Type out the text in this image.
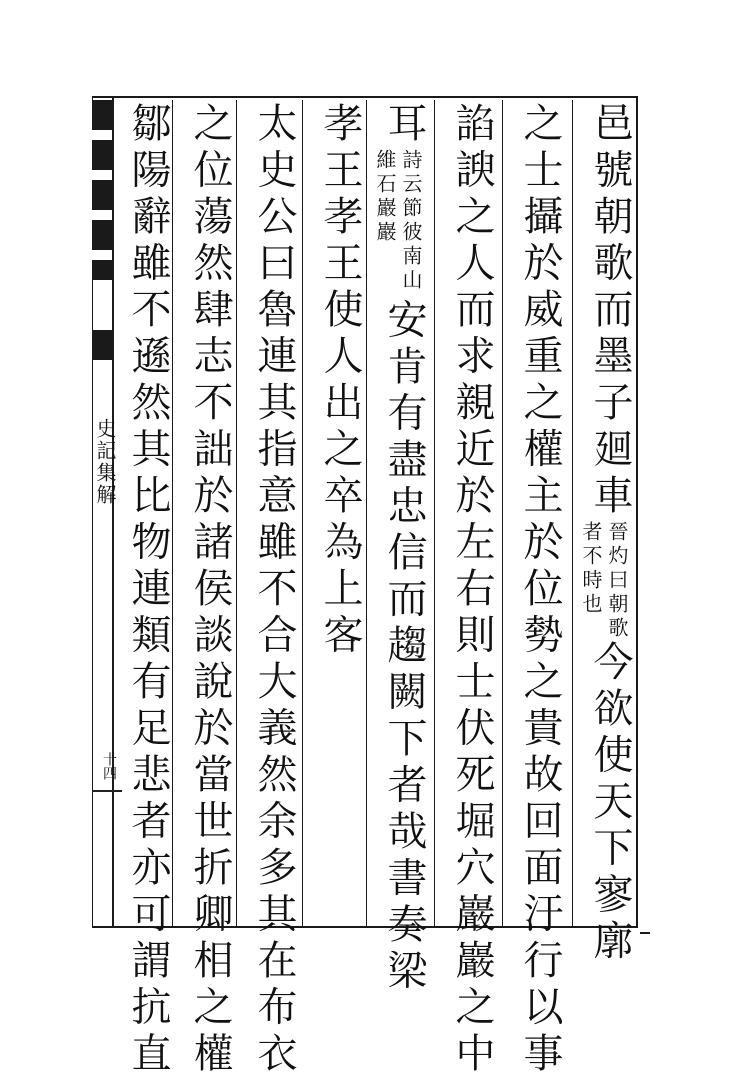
史記集解
十四
邑號朝歌而墨子廻車晉灼曰朝歌者不時也今欲使天下寥廓
之士攝於威重之權主於位勢之貴故回面汙行以事
諂諛之人而求親近於左右則士伏死堀穴巖巖之中
耳詩云節彼南山維石巖巖安肯有盡忠信而趨闕下者哉書奏梁
孝王孝王使人出之卒為上客
太史公曰魯連其指意雖不合大義然余多其在布衣
之位蕩然肆志不詘於諸侯談說於當世折卿相之權
鄒陽辭雖不遜然其比物連類有足悲者亦可謂抗直
